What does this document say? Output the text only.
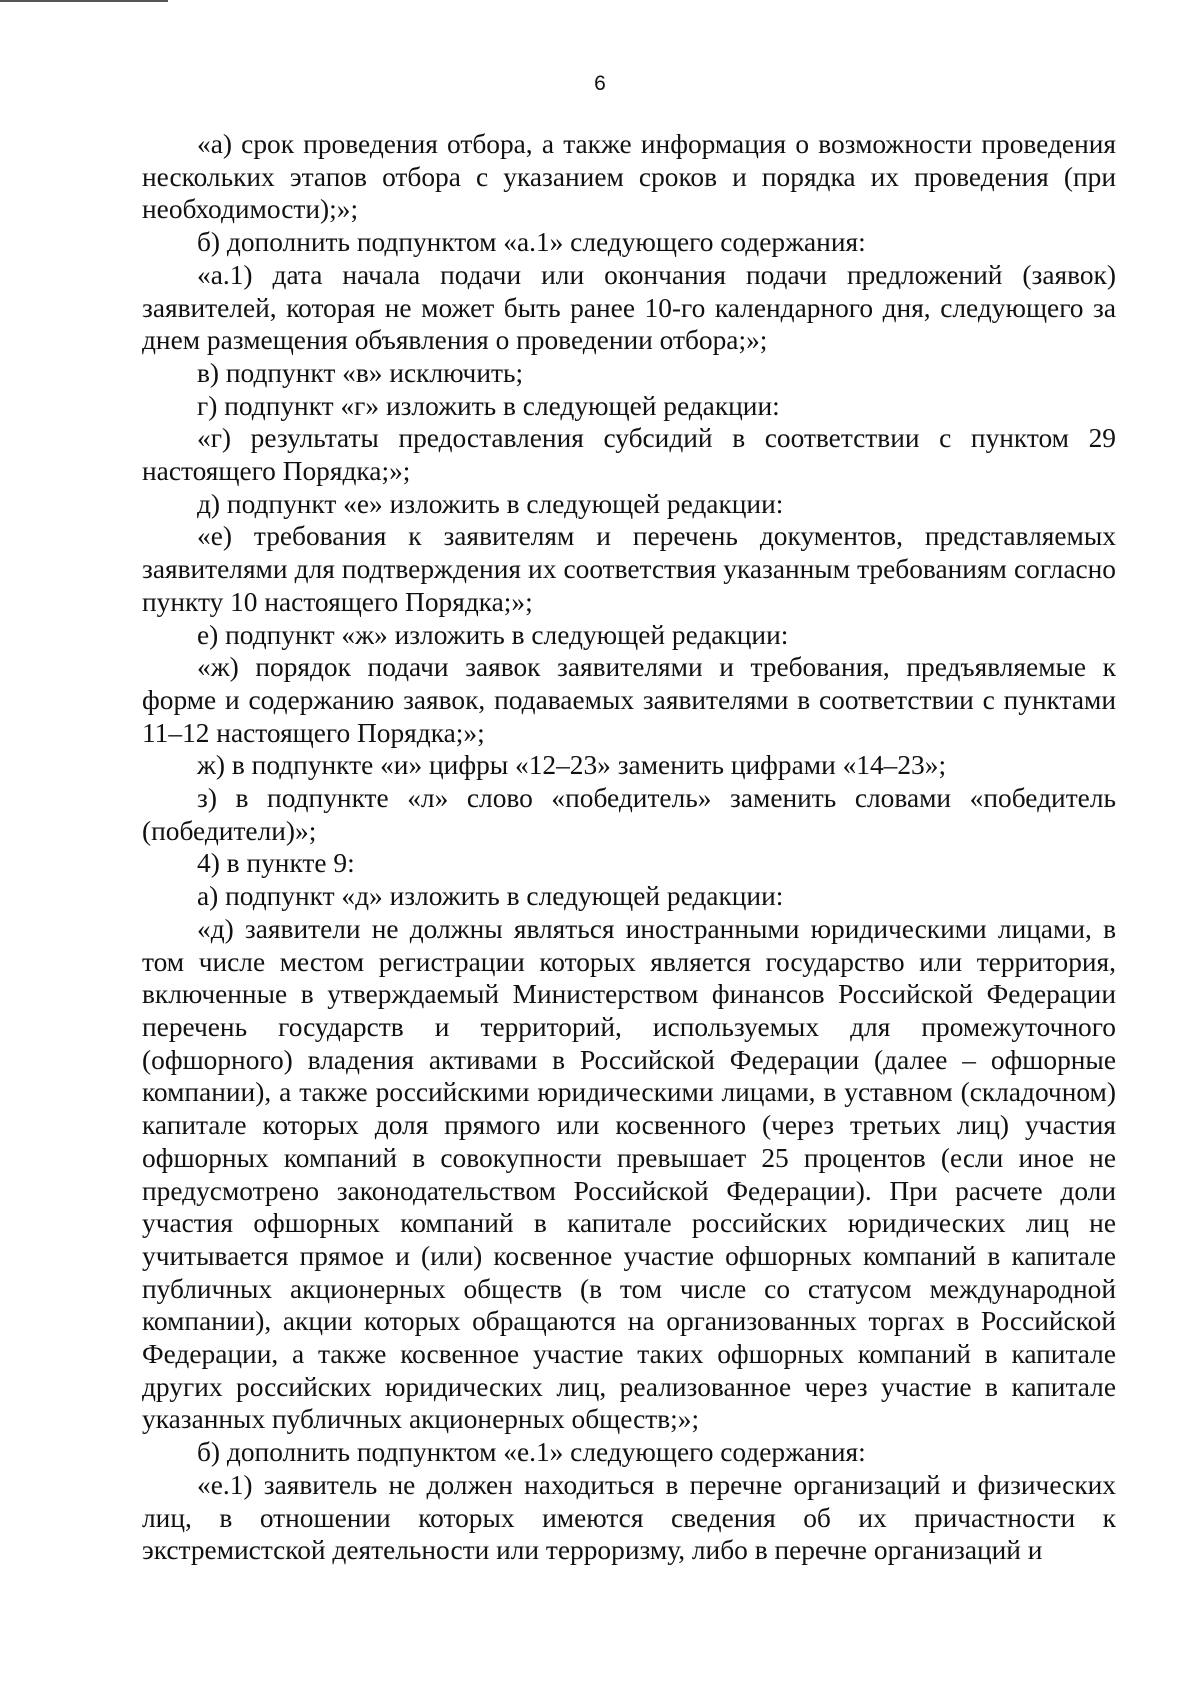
6

«а) срок проведения отбора, а также информация о возможности проведения нескольких этапов отбора с указанием сроков и порядка их проведения (при необходимости);»;

б) дополнить подпунктом «а.1» следующего содержания:

«а.1) дата начала подачи или окончания подачи предложений (заявок) заявителей, которая не может быть ранее 10-го календарного дня, следующего за днем размещения объявления о проведении отбора;»;

в) подпункт «в» исключить;

г) подпункт «г» изложить в следующей редакции:

«г) результаты предоставления субсидий в соответствии с пунктом 29 настоящего Порядка;»;

д) подпункт «е» изложить в следующей редакции:

«е) требования к заявителям и перечень документов, представляемых заявителями для подтверждения их соответствия указанным требованиям согласно пункту 10 настоящего Порядка;»;

е) подпункт «ж» изложить в следующей редакции:

«ж) порядок подачи заявок заявителями и требования, предъявляемые к форме и содержанию заявок, подаваемых заявителями в соответствии с пунктами 11–12 настоящего Порядка;»;

ж) в подпункте «и» цифры «12–23» заменить цифрами «14–23»;

з) в подпункте «л» слово «победитель» заменить словами «победитель (победители)»;

4) в пункте 9:

а) подпункт «д» изложить в следующей редакции:

«д) заявители не должны являться иностранными юридическими лицами, в том числе местом регистрации которых является государство или территория, включенные в утверждаемый Министерством финансов Российской Федерации перечень государств и территорий, используемых для промежуточного (офшорного) владения активами в Российской Федерации (далее – офшорные компании), а также российскими юридическими лицами, в уставном (складочном) капитале которых доля прямого или косвенного (через третьих лиц) участия офшорных компаний в совокупности превышает 25 процентов (если иное не предусмотрено законодательством Российской Федерации). При расчете доли участия офшорных компаний в капитале российских юридических лиц не учитывается прямое и (или) косвенное участие офшорных компаний в капитале публичных акционерных обществ (в том числе со статусом международной компании), акции которых обращаются на организованных торгах в Российской Федерации, а также косвенное участие таких офшорных компаний в капитале других российских юридических лиц, реализованное через участие в капитале указанных публичных акционерных обществ;»;

б) дополнить подпунктом «е.1» следующего содержания:

«е.1) заявитель не должен находиться в перечне организаций и физических лиц, в отношении которых имеются сведения об их причастности к экстремистской деятельности или терроризму, либо в перечне организаций и
